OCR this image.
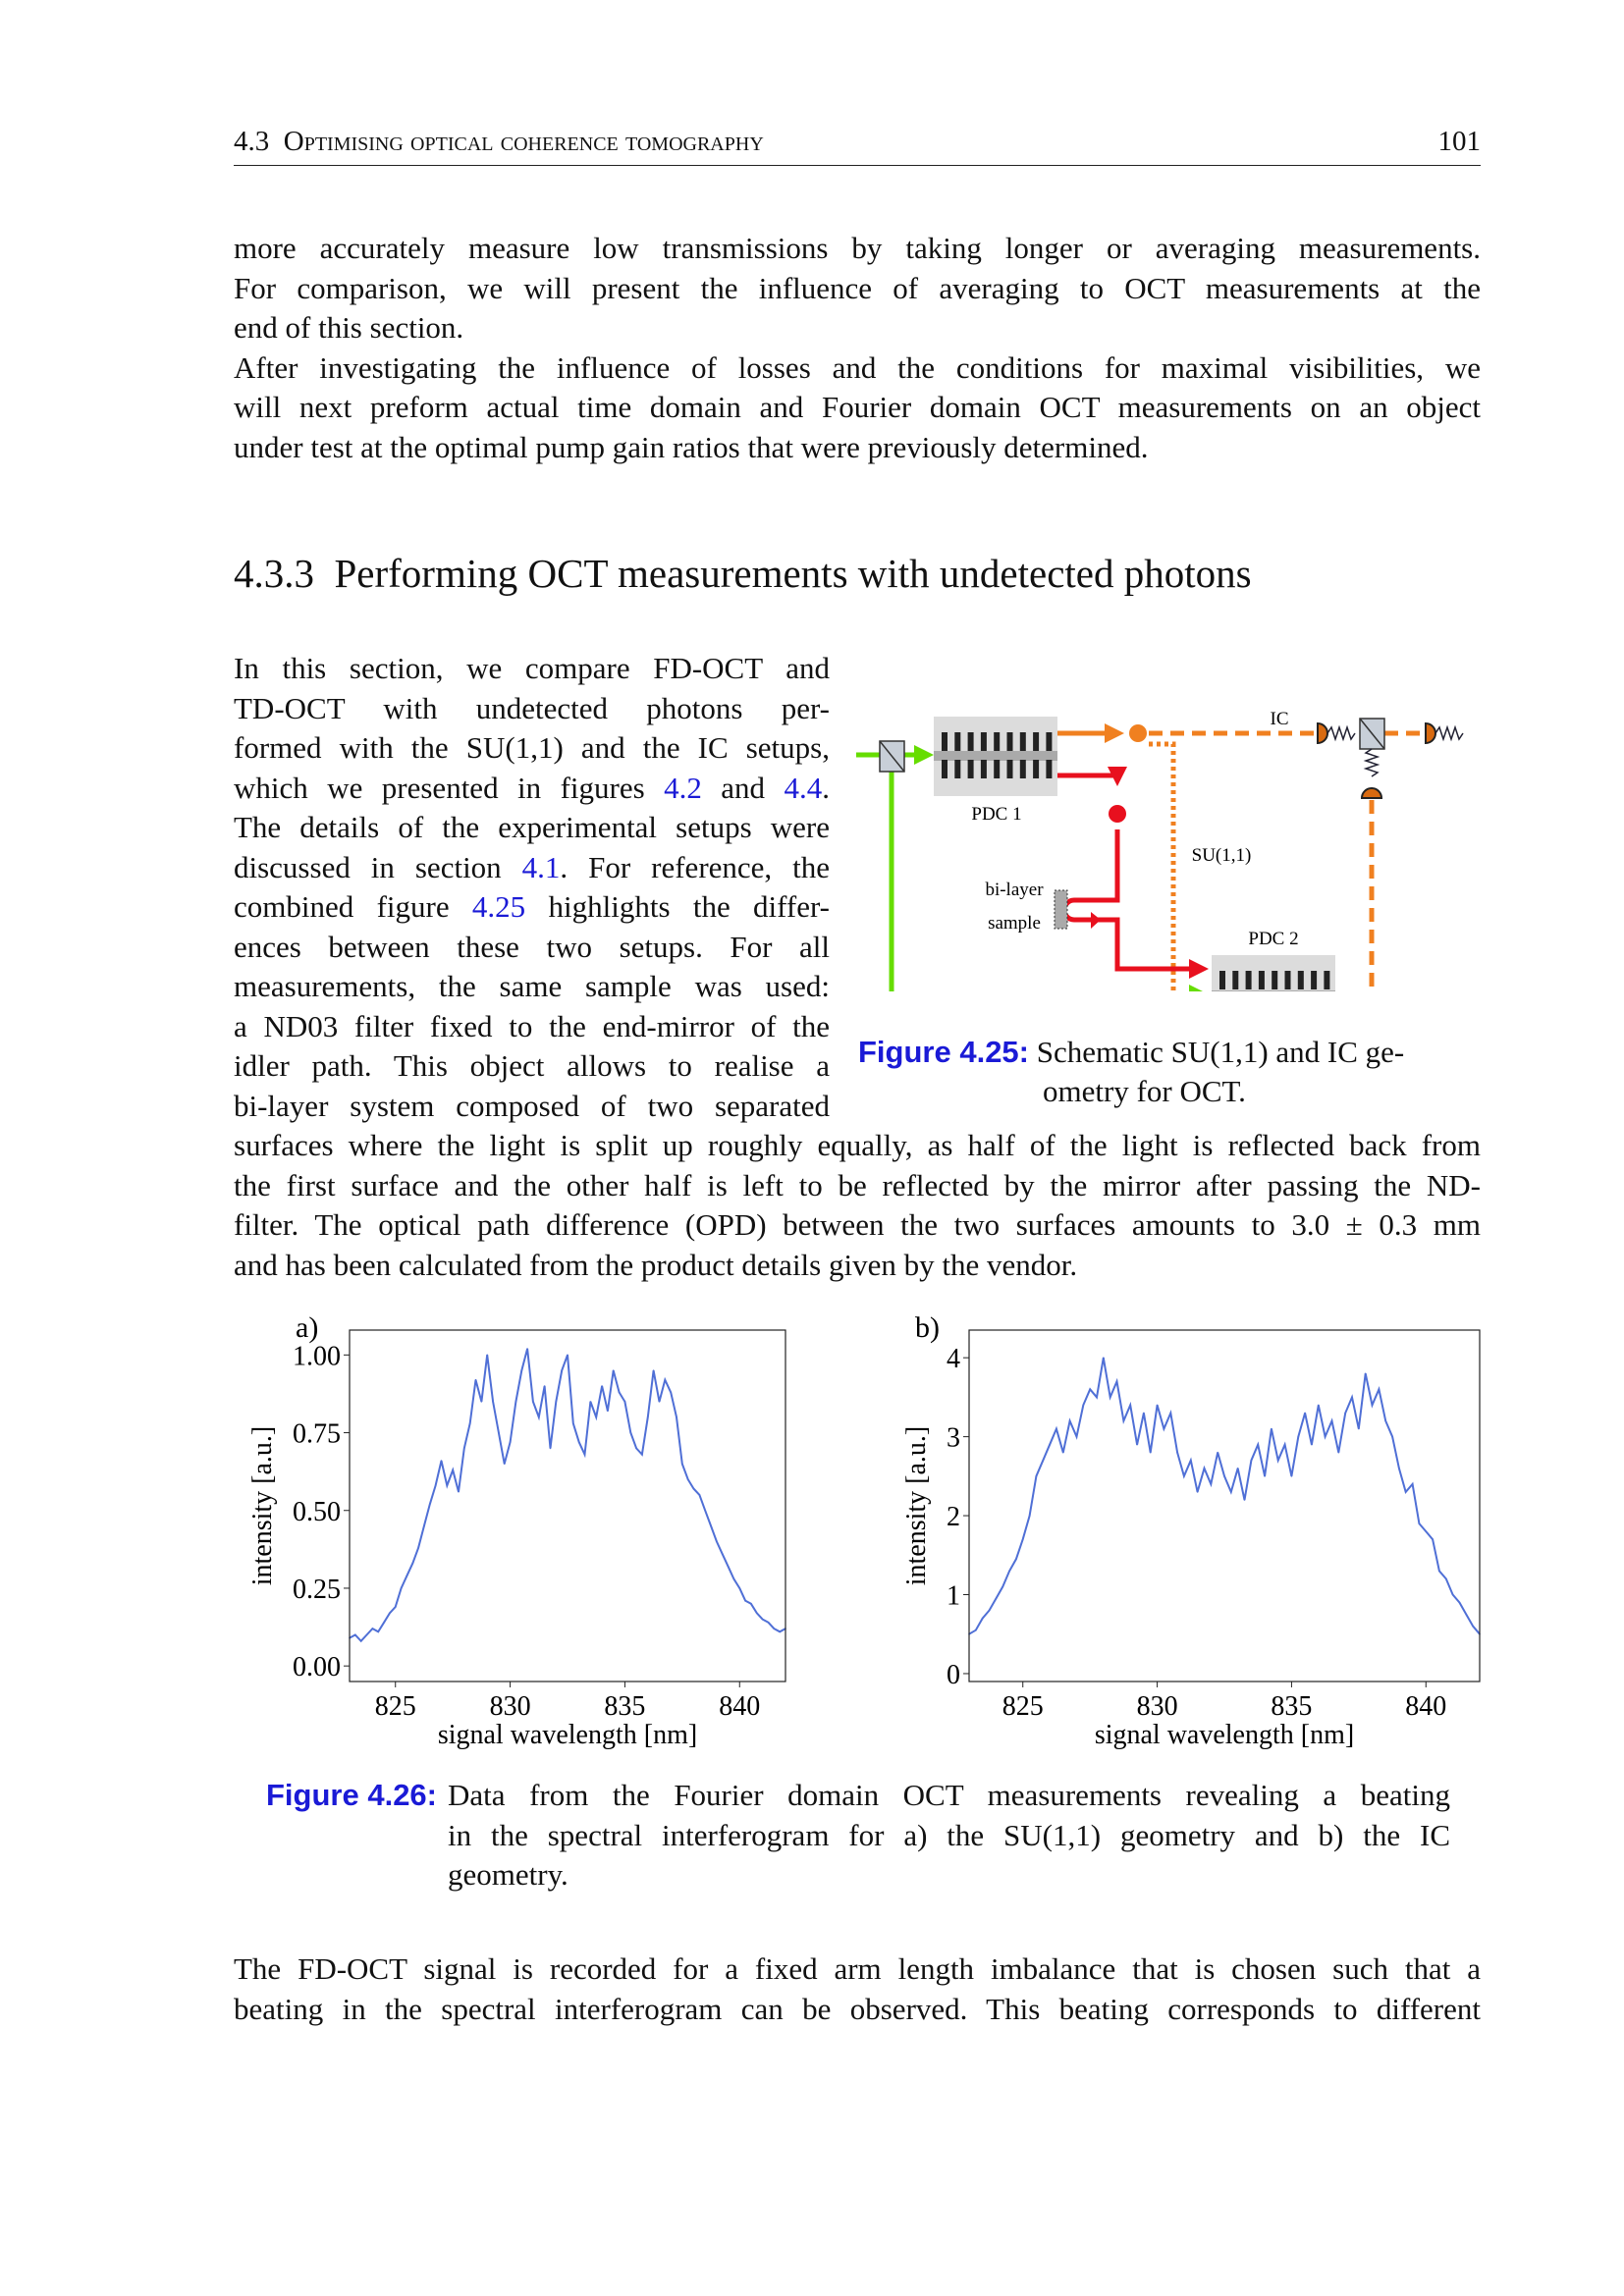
4.3 Optimising optical coherence tomography	101
more accurately measure low transmissions by taking longer or averaging measurements.
For comparison, we will present the influence of averaging to OCT measurements at the
end of this section.
After investigating the influence of losses and the conditions for maximal visibilities, we
will next preform actual time domain and Fourier domain OCT measurements on an object
under test at the optimal pump gain ratios that were previously determined.
4.3.3 Performing OCT measurements with undetected photons
In this section, we compare FD-OCT and
TD-OCT with undetected photons per-
formed with the SU(1,1) and the IC setups,
which we presented in figures 4.2 and 4.4.
The details of the experimental setups were
discussed in section 4.1. For reference, the
combined figure 4.25 highlights the differ-
ences between these two setups. For all
measurements, the same sample was used:
a ND03 filter fixed to the end-mirror of the
idler path. This object allows to realise a
bi-layer system composed of two separated
surfaces where the light is split up roughly equally, as half of the light is reflected back from
the first surface and the other half is left to be reflected by the mirror after passing the ND-
filter. The optical path difference (OPD) between the two surfaces amounts to 3.0 ± 0.3 mm
and has been calculated from the product details given by the vendor.
IC
PDC 1
PDC 2
SU(1,1)
bi-layer
sample
Figure 4.25: Schematic SU(1,1) and IC ge-
ometry for OCT.
a)
825	830	835	840
0.00
0.25
0.50
0.75
1.00
signal wavelength [nm]
intensity [a.u.]
b)
825	830	835	840
0
1
2
3
4
signal wavelength [nm]
intensity [a.u.]
Figure 4.26: Data from the Fourier domain OCT measurements revealing a beating
in the spectral interferogram for a) the SU(1,1) geometry and b) the IC
geometry.
The FD-OCT signal is recorded for a fixed arm length imbalance that is chosen such that a
beating in the spectral interferogram can be observed. This beating corresponds to different
